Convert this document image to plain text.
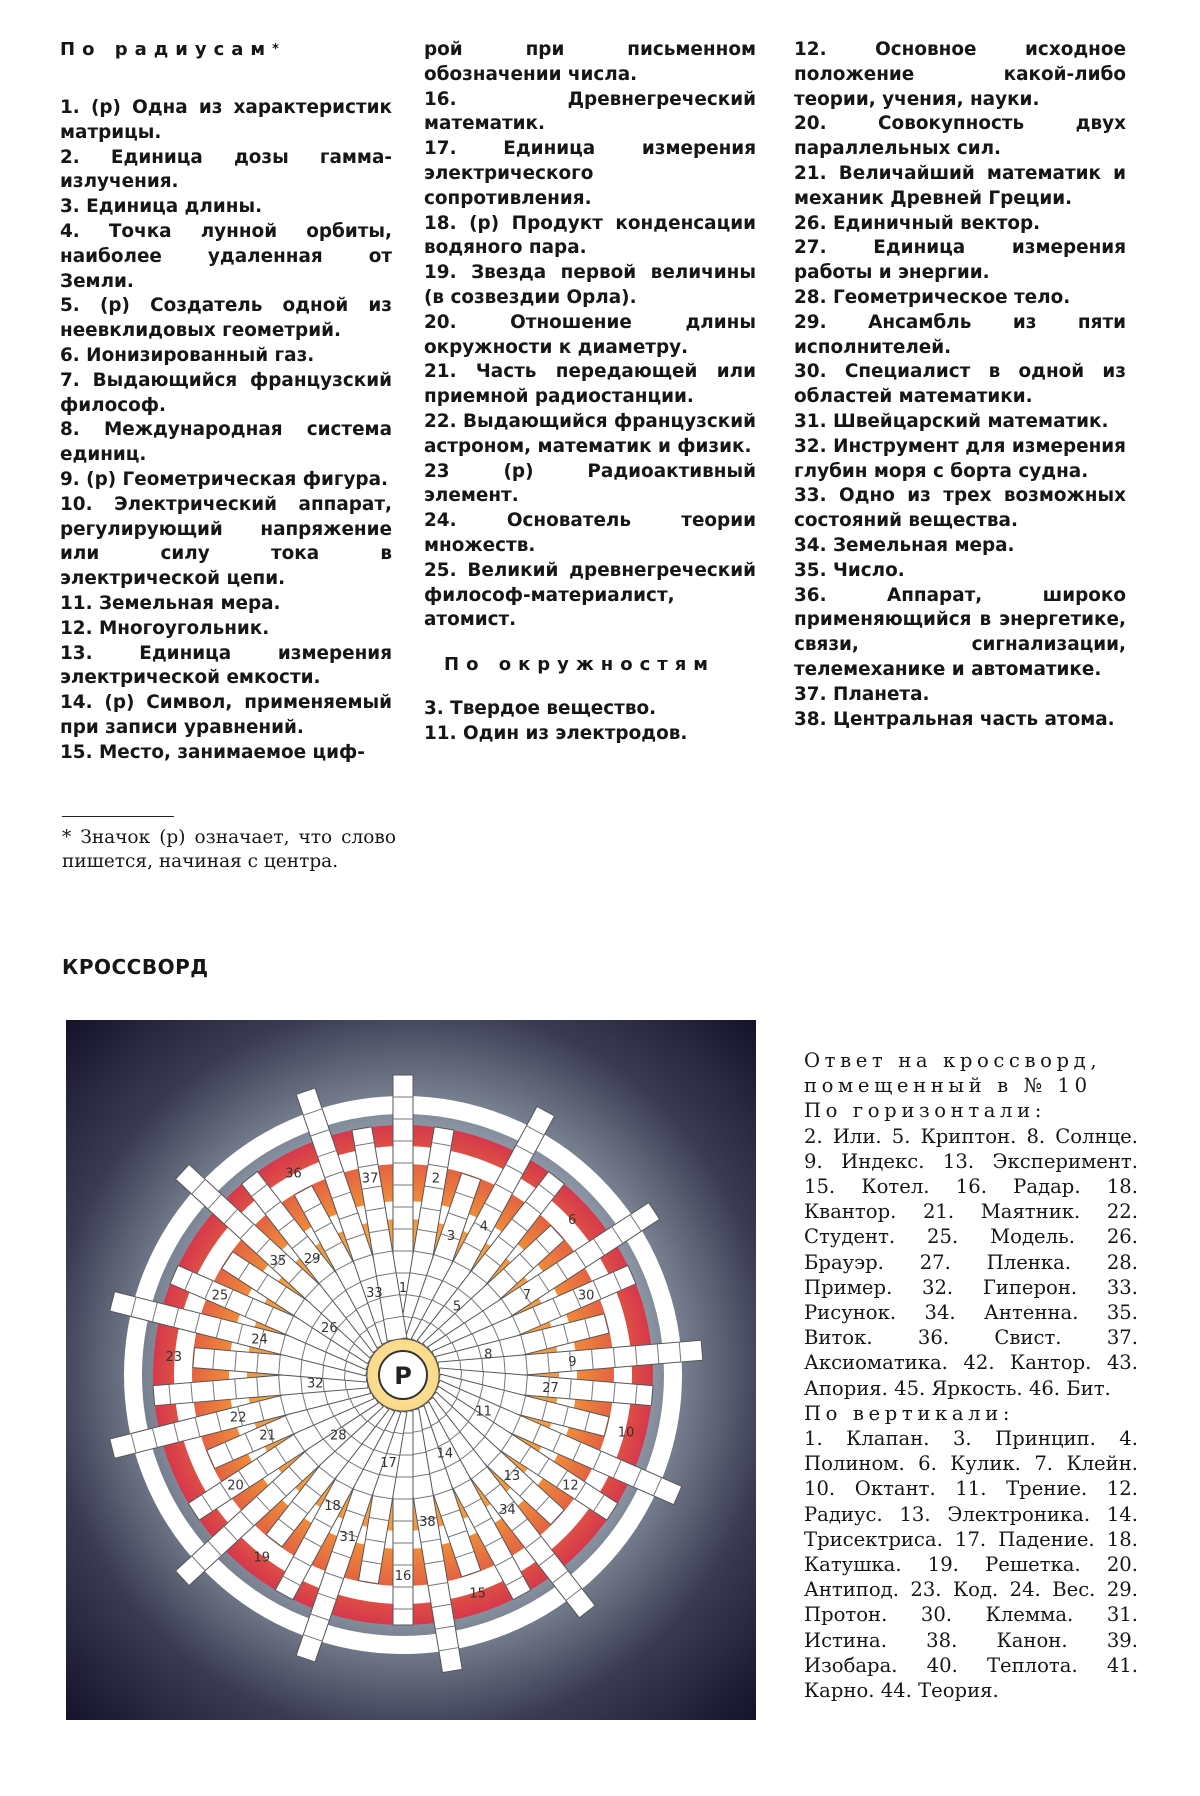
По радиусам*
1. (р) Одна из характеристик матрицы.
2. Единица дозы гамма-излучения.
3. Единица длины.
4. Точка лунной орбиты, наиболее удаленная от Земли.
5. (р) Создатель одной из неевклидовых геометрий.
6. Ионизированный газ.
7. Выдающийся французский философ.
8. Международная система единиц.
9. (р) Геометрическая фигура.
10. Электрический аппарат, регулирующий напряжение или силу тока в электрической цепи.
11. Земельная мера.
12. Многоугольник.
13. Единица измерения электрической емкости.
14. (р) Символ, применяемый при записи уравнений.
15. Место, занимаемое циф-
рой при письменном обозначении числа.
16. Древнегреческий математик.
17. Единица измерения электрического сопротивления.
18. (р) Продукт конденсации водяного пара.
19. Звезда первой величины (в созвездии Орла).
20. Отношение длины окружности к диаметру.
21. Часть передающей или приемной радиостанции.
22. Выдающийся французский астроном, математик и физик.
23 (р) Радиоактивный элемент.
24. Основатель теории множеств.
25. Великий древнегреческий философ-материалист, атомист.
По окружностям
3. Твердое вещество.
11. Один из электродов.
12. Основное исходное положение какой-либо теории, учения, науки.
20. Совокупность двух параллельных сил.
21. Величайший математик и механик Древней Греции.
26. Единичный вектор.
27. Единица измерения работы и энергии.
28. Геометрическое тело.
29. Ансамбль из пяти исполнителей.
30. Специалист в одной из областей математики.
31. Швейцарский математик.
32. Инструмент для измерения глубин моря с борта судна.
33. Одно из трех возможных состояний вещества.
34. Земельная мера.
35. Число.
36. Аппарат, широко применяющийся в энергетике, связи, сигнализации, телемеханике и автоматике.
37. Планета.
38. Центральная часть атома.
* Значок (р) означает, что слово пишется, начиная с центра.
КРОССВОРД
1
2
3
4
5
6
7	30
8
9
27
10
11
12
13
34
14
15
38
16
17
31
18
19
28
20
21
22
32
23
24
25
26
35 29
36
33
37
Р

Ответ на кроссворд,

помещенный в № 10

По горизонтали:

2. Или. 5. Криптон. 8. Солнце. 9. Индекс. 13. Эксперимент. 15. Котел. 16. Радар. 18. Квантор. 21. Маятник. 22. Студент. 25. Модель. 26. Брауэр. 27. Пленка. 28. Пример. 32. Гиперон. 33. Рисунок. 34. Антенна. 35. Виток. 36. Свист. 37. Аксиоматика. 42. Кантор. 43. Апория. 45. Яркость. 46. Бит.

По вертикали:

1. Клапан. 3. Принцип. 4. Полином. 6. Кулик. 7. Клейн. 10. Октант. 11. Трение. 12. Радиус. 13. Электроника. 14. Трисектриса. 17. Падение. 18. Катушка. 19. Решетка. 20. Антипод. 23. Код. 24. Вес. 29. Протон. 30. Клемма. 31. Истина. 38. Канон. 39. Изобара. 40. Теплота. 41. Карно. 44. Теория.
